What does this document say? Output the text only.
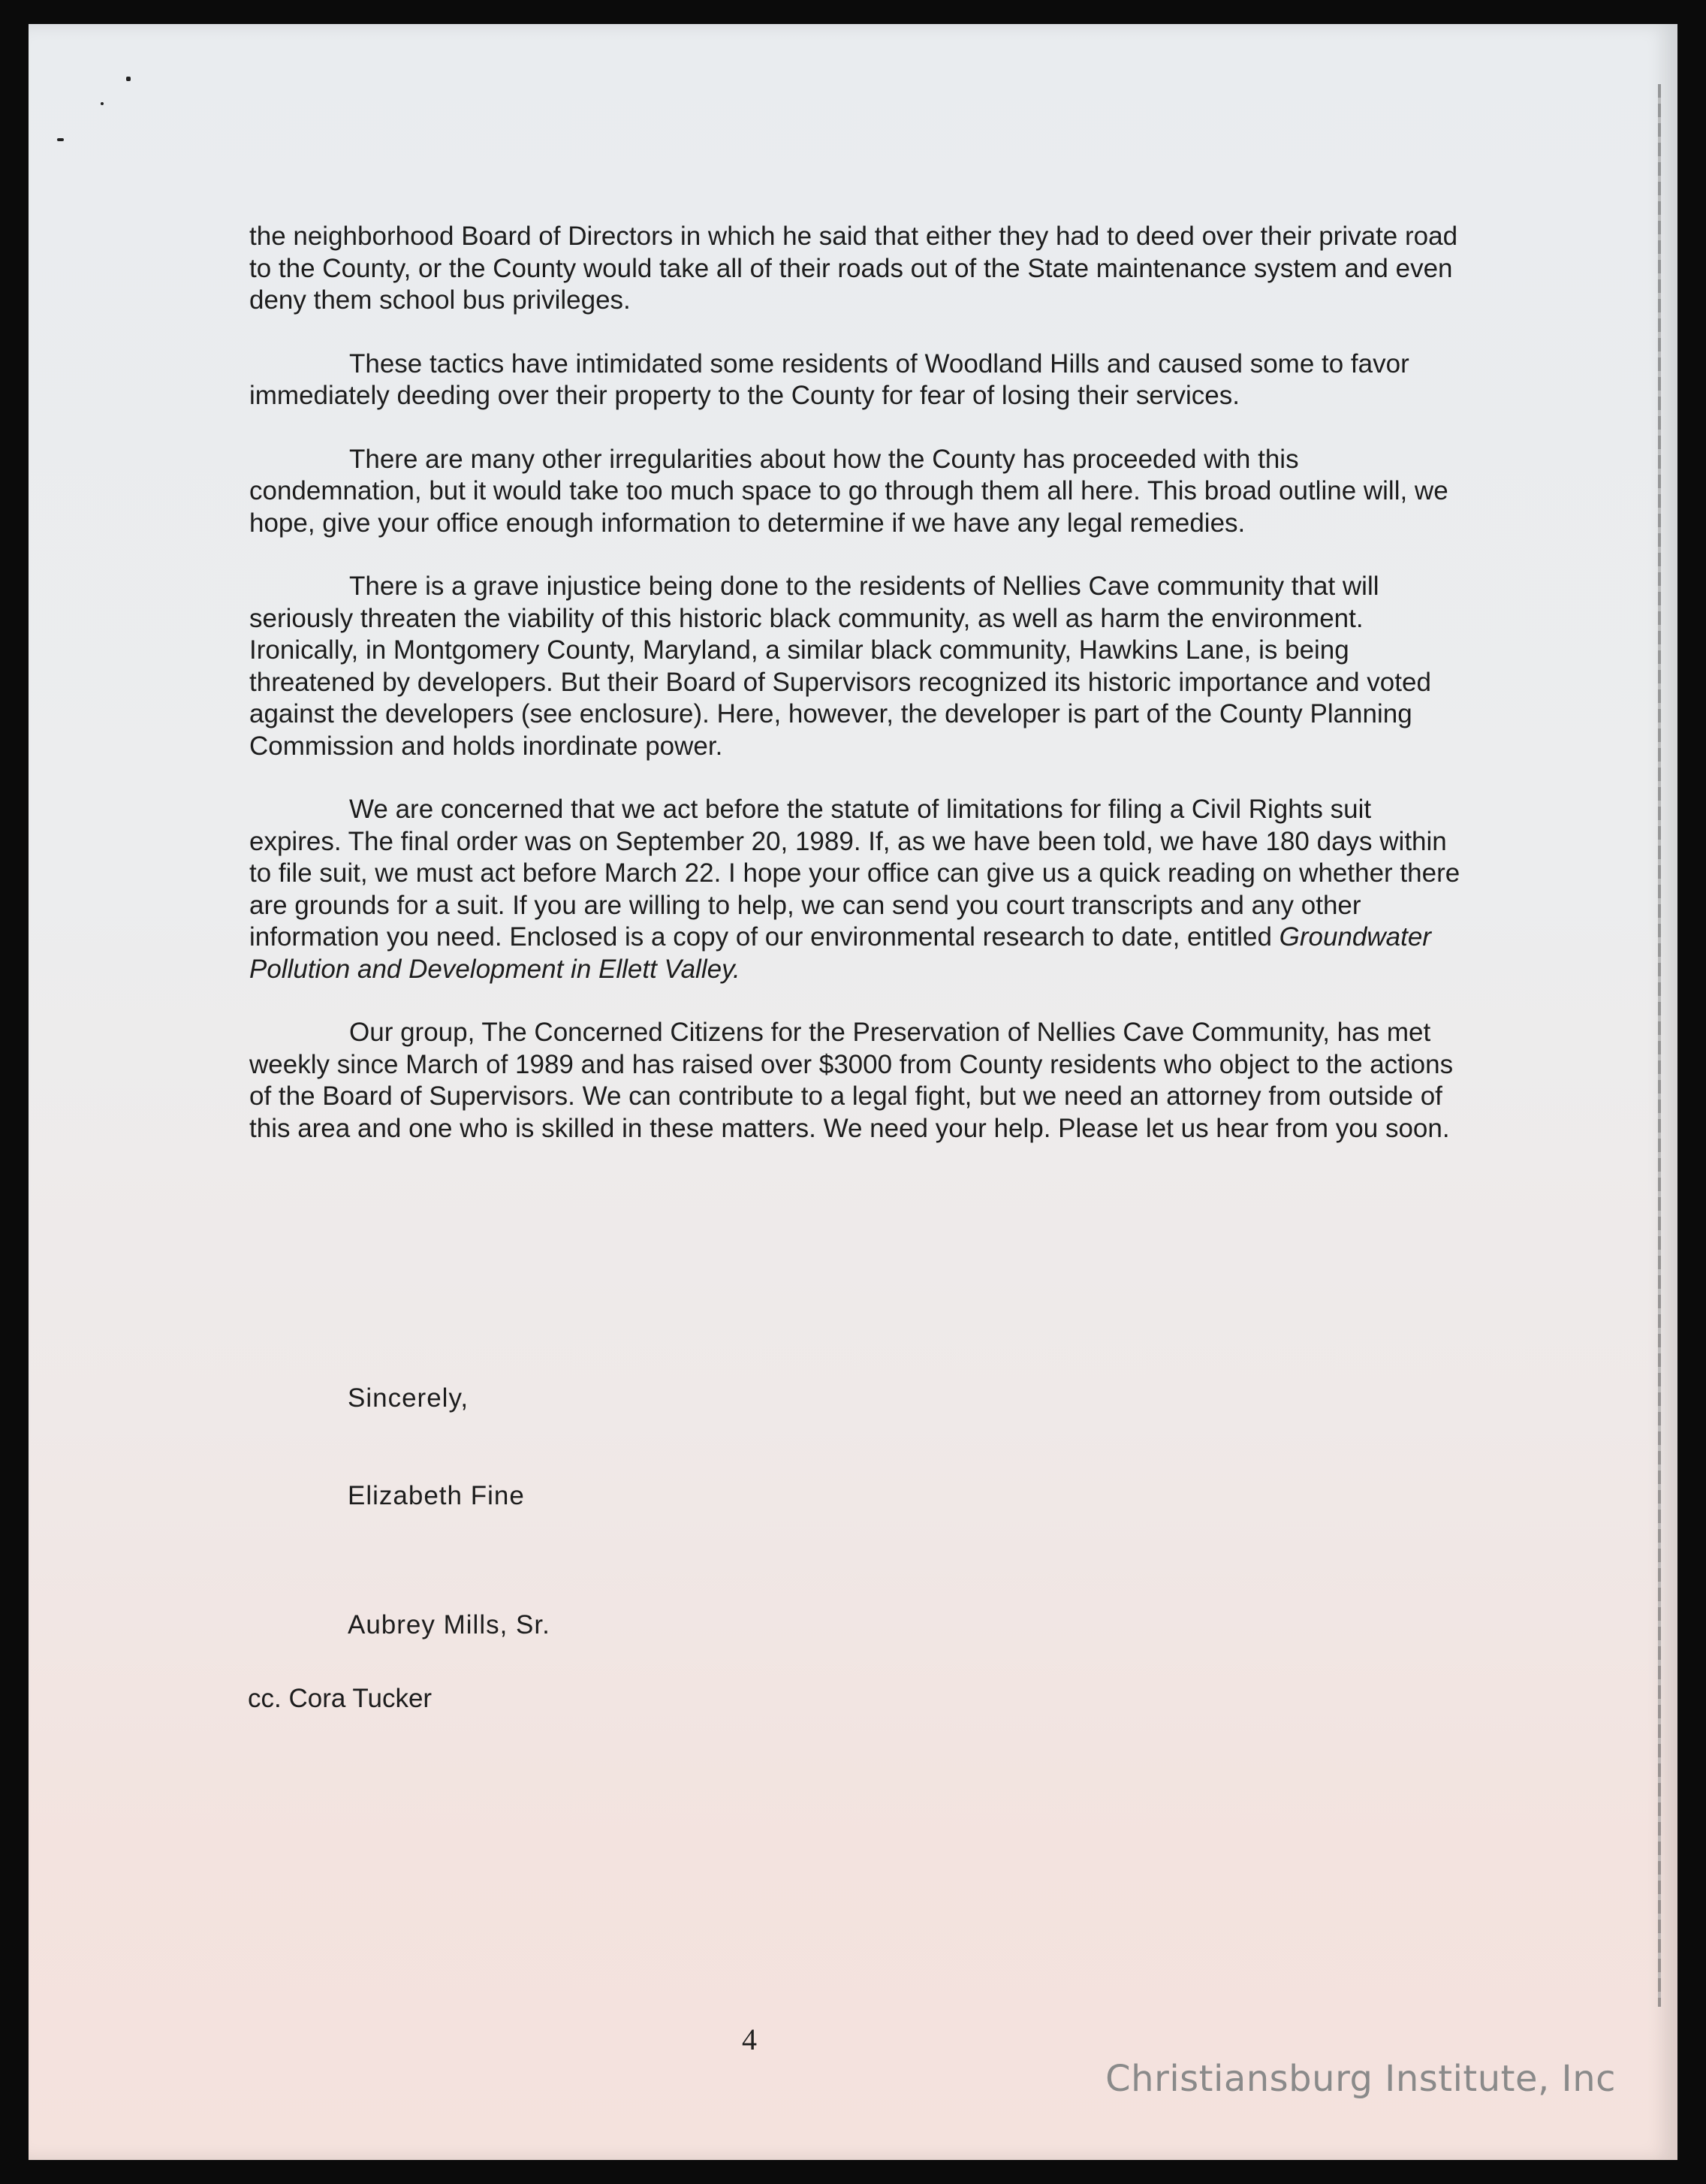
the neighborhood Board of Directors in which he said that either they had to deed over their private road to the County, or the County would take all of their roads out of the State maintenance system and even deny them school bus privileges.

These tactics have intimidated some residents of Woodland Hills and caused some to favor immediately deeding over their property to the County for fear of losing their services.

There are many other irregularities about how the County has proceeded with this condemnation, but it would take too much space to go through them all here. This broad outline will, we hope, give your office enough information to determine if we have any legal remedies.

There is a grave injustice being done to the residents of Nellies Cave community that will seriously threaten the viability of this historic black community, as well as harm the environment. Ironically, in Montgomery County, Maryland, a similar black community, Hawkins Lane, is being threatened by developers. But their Board of Supervisors recognized its historic importance and voted against the developers (see enclosure). Here, however, the developer is part of the County Planning Commission and holds inordinate power.

We are concerned that we act before the statute of limitations for filing a Civil Rights suit expires. The final order was on September 20, 1989. If, as we have been told, we have 180 days within to file suit, we must act before March 22. I hope your office can give us a quick reading on whether there are grounds for a suit. If you are willing to help, we can send you court transcripts and any other information you need. Enclosed is a copy of our environmental research to date, entitled Groundwater Pollution and Development in Ellett Valley.

Our group, The Concerned Citizens for the Preservation of Nellies Cave Community, has met weekly since March of 1989 and has raised over $3000 from County residents who object to the actions of the Board of Supervisors. We can contribute to a legal fight, but we need an attorney from outside of this area and one who is skilled in these matters. We need your help. Please let us hear from you soon.

Sincerely,
Elizabeth Fine
Aubrey Mills, Sr.
cc. Cora Tucker
4
Christiansburg Institute, Inc
